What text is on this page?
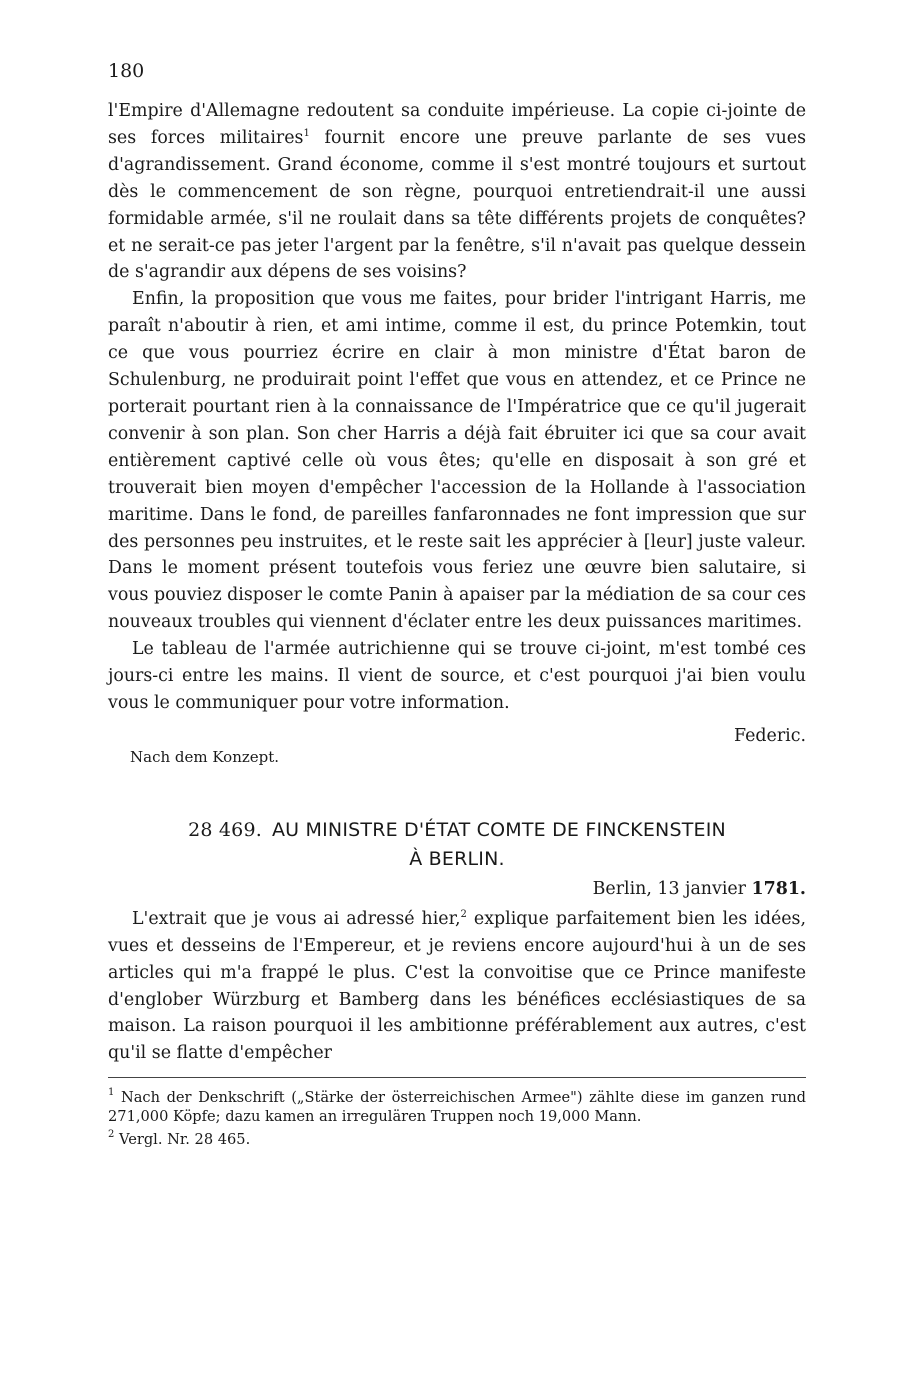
180

l'Empire d'Allemagne redoutent sa conduite impérieuse. La copie ci-jointe de ses forces militaires$^1$ fournit encore une preuve parlante de ses vues d'agrandissement. Grand économe, comme il s'est montré toujours et surtout dès le commencement de son règne, pourquoi entretiendrait-il une aussi formidable armée, s'il ne roulait dans sa tête différents projets de conquêtes? et ne serait-ce pas jeter l'argent par la fenêtre, s'il n'avait pas quelque dessein de s'agrandir aux dépens de ses voisins?

Enfin, la proposition que vous me faites, pour brider l'intrigant Harris, me paraît n'aboutir à rien, et ami intime, comme il est, du prince Potemkin, tout ce que vous pourriez écrire en clair à mon ministre d'État baron de Schulenburg, ne produirait point l'effet que vous en attendez, et ce Prince ne porterait pourtant rien à la connaissance de l'Impératrice que ce qu'il jugerait convenir à son plan. Son cher Harris a déjà fait ébruiter ici que sa cour avait entièrement captivé celle où vous êtes; qu'elle en disposait à son gré et trouverait bien moyen d'empêcher l'accession de la Hollande à l'association maritime. Dans le fond, de pareilles fanfaronnades ne font impression que sur des personnes peu instruites, et le reste sait les apprécier à [leur] juste valeur. Dans le moment présent toutefois vous feriez une œuvre bien salutaire, si vous pouviez disposer le comte Panin à apaiser par la médiation de sa cour ces nouveaux troubles qui viennent d'éclater entre les deux puissances maritimes.

Le tableau de l'armée autrichienne qui se trouve ci-joint, m'est tombé ces jours-ci entre les mains. Il vient de source, et c'est pourquoi j'ai bien voulu vous le communiquer pour votre information.

Federic.
Nach dem Konzept.
28 469. AU MINISTRE D'ÉTAT COMTE DE FINCKENSTEIN
À BERLIN.
Berlin, 13 janvier 1781.

L'extrait que je vous ai adressé hier,$^2$ explique parfaitement bien les idées, vues et desseins de l'Empereur, et je reviens encore aujourd'hui à un de ses articles qui m'a frappé le plus. C'est la convoitise que ce Prince manifeste d'englober Würzburg et Bamberg dans les bénéfices ecclésiastiques de sa maison. La raison pourquoi il les ambitionne préférablement aux autres, c'est qu'il se flatte d'empêcher

$^1$ Nach der Denkschrift („Stärke der österreichischen Armee") zählte diese im ganzen rund 271,000 Köpfe; dazu kamen an irregulären Truppen noch 19,000 Mann.

$^2$ Vergl. Nr. 28 465.
